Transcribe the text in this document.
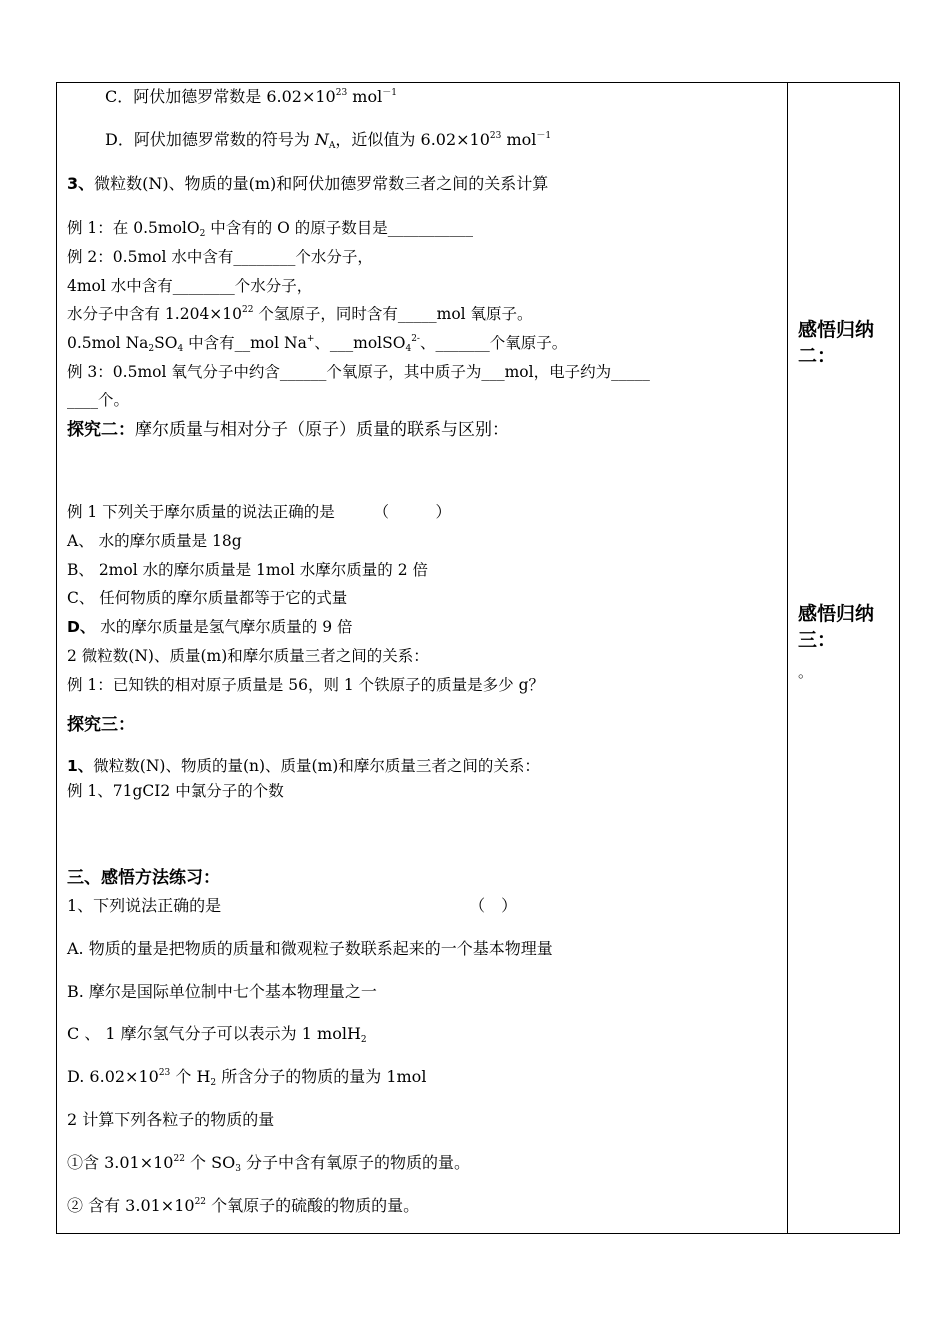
C．阿伏加德罗常数是 $6.02\times 10^{23}$ mol$^{-1}$
D．阿伏加德罗常数的符号为 $N_A$，近似值为 $6.02\times 10^{23}$ mol$^{-1}$
3、微粒数(N)、物质的量(m)和阿伏加德罗常数三者之间的关系计算
例 1：在 0.5molO$_2$ 中含有的 O 的原子数目是___________
例 2：0.5mol 水中含有________个水分子，
4mol 水中含有________个水分子，
水分子中含有 $1.204\times 10^{22}$ 个氢原子，同时含有_____mol 氧原子。
0.5mol $Na_2SO_4$ 中含有__mol Na+、___molSO$_4^{2-}$、_______个氧原子。
例 3：0.5mol 氧气分子中约含______个氧原子，其中质子为___mol，电子约为_____
____个。
探究二：摩尔质量与相对分子（原子）质量的联系与区别：
例 1 下列关于摩尔质量的说法正确的是　　　（　　　）
A、 水的摩尔质量是 18g
B、 2mol 水的摩尔质量是 1mol 水摩尔质量的 2 倍
C、 任何物质的摩尔质量都等于它的式量
D、 水的摩尔质量是氢气摩尔质量的 9 倍
2 微粒数(N)、质量(m)和摩尔质量三者之间的关系：
例 1：已知铁的相对原子质量是 56，则 1 个铁原子的质量是多少 g？
探究三：
1、微粒数(N)、物质的量(n)、质量(m)和摩尔质量三者之间的关系：
例 1、71gCI2 中氯分子的个数
三、感悟方法练习：
1、下列说法正确的是　　　　　　　　　　　　　　　　（　）
A. 物质的量是把物质的质量和微观粒子数联系起来的一个基本物理量
B. 摩尔是国际单位制中七个基本物理量之一
C 、 1 摩尔氢气分子可以表示为 1 molH$_2$
D. $6.02\times 10^{23}$ 个 $H_2$ 所含分子的物质的量为 1mol
2 计算下列各粒子的物质的量
①含 $3.01\times 10^{22}$ 个 $SO_3$ 分子中含有氧原子的物质的量。
② 含有 $3.01\times 10^{22}$ 个氧原子的硫酸的物质的量。
感悟归纳二：
感悟归纳三：
。
